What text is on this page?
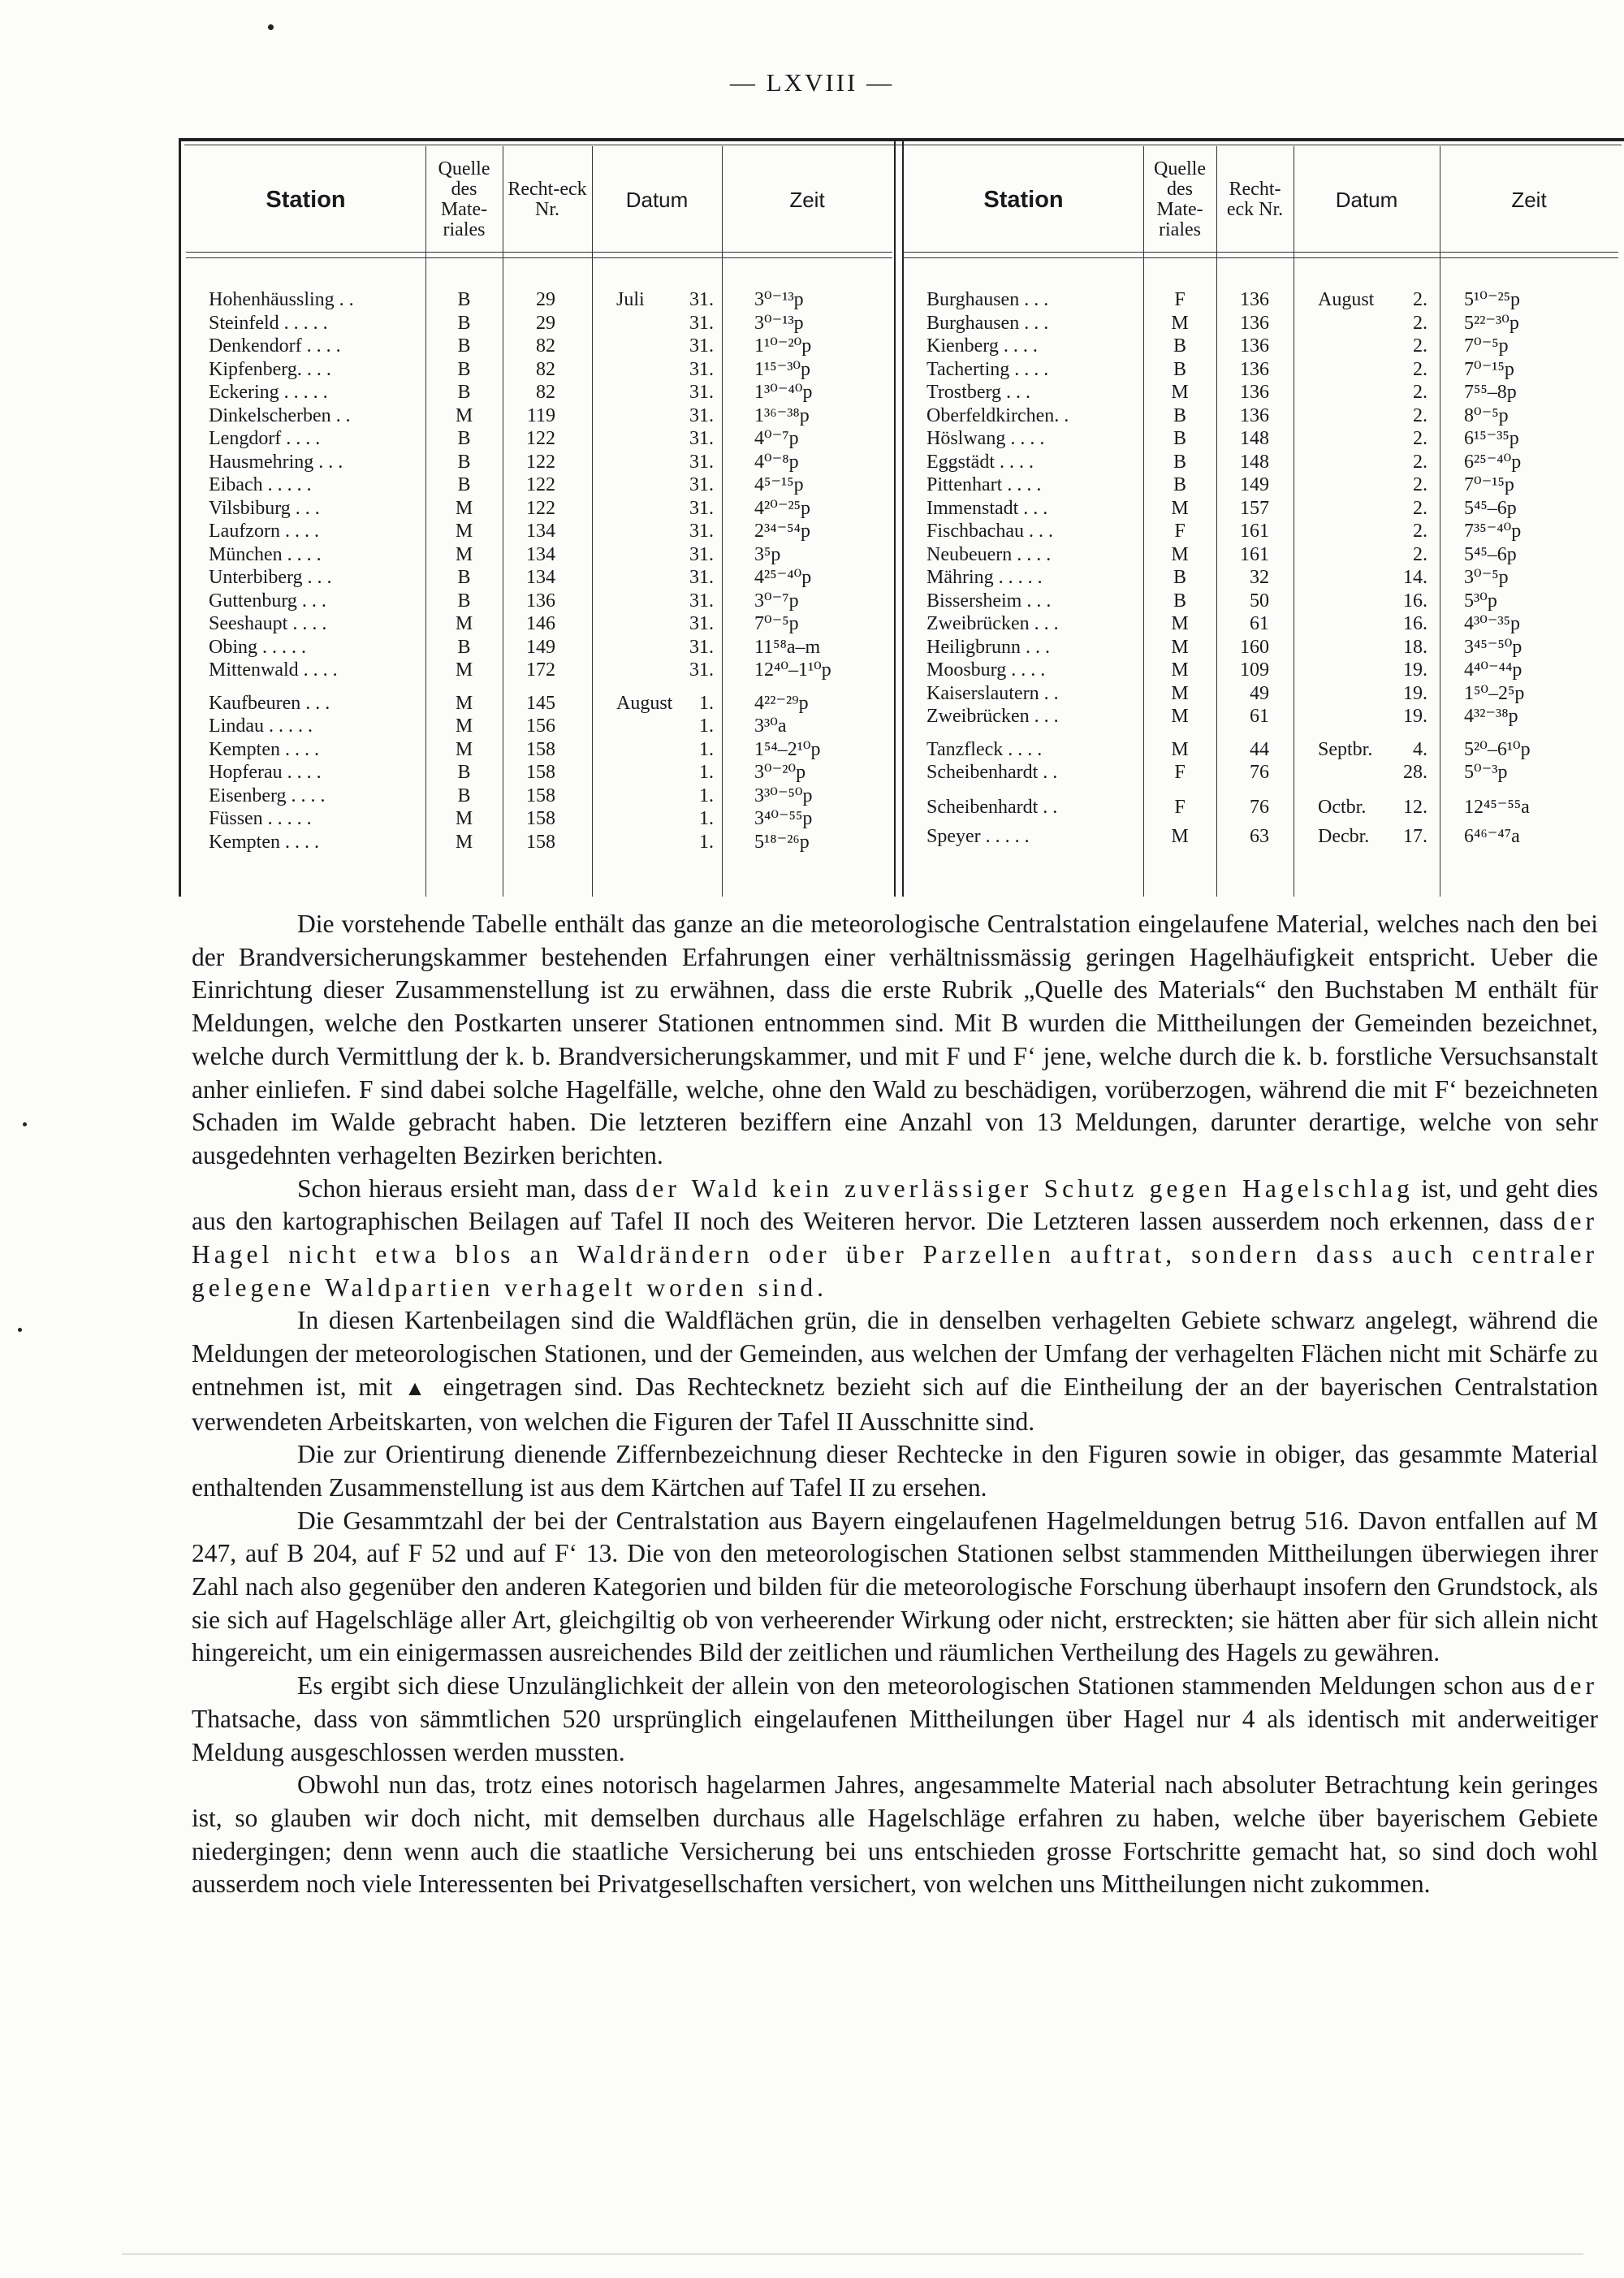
— LXVIII —
Station
Quelle des Mate-riales
Recht-eck Nr.	Datum	Zeit
Hohenhäussling . .	B	29	Juli	31. 3⁰⁻¹³p
Steinfeld . . . . .	B	29	31. 3⁰⁻¹³p
Denkendorf . . . .	B	82	31. 1¹⁰⁻²⁰p
Kipfenberg. . . .	B	82	31. 1¹⁵⁻³⁰p
Eckering . . . . .	B	82	31. 1³⁰⁻⁴⁰p
Dinkelscherben . .	M	119	31. 1³⁶⁻³⁸p
Lengdorf . . . .	B	122	31. 4⁰⁻⁷p
Hausmehring . . .	B	122	31. 4⁰⁻⁸p
Eibach . . . . .	B	122	31. 4⁵⁻¹⁵p
Vilsbiburg . . .	M	122	31. 4²⁰⁻²⁵p
Laufzorn . . . .	M	134	31. 2³⁴⁻⁵⁴p
München . . . .	M	134	31. 3⁵p
Unterbiberg . . .	B	134	31. 4²⁵⁻⁴⁰p
Guttenburg . . .	B	136	31. 3⁰⁻⁷p
Seeshaupt . . . .	M	146	31. 7⁰⁻⁵p
Obing . . . . .	B	149	31. 11⁵⁸a–m
Mittenwald . . . .	M	172	31. 12⁴⁰–1¹⁰p
Kaufbeuren . . .	M	145	August	1. 4²²⁻²⁹p
Lindau . . . . .	M	156	1. 3³⁰a
Kempten . . . .	M	158	1. 1⁵⁴–2¹⁰p
Hopferau . . . .	B	158	1. 3⁰⁻²⁰p
Eisenberg . . . .	B	158	1. 3³⁰⁻⁵⁰p
Füssen . . . . .	M	158	1. 3⁴⁰⁻⁵⁵p
Kempten . . . .	M	158	1. 5¹⁸⁻²⁶p
Station
Quelle des Mate-riales
Recht-eck Nr.	Datum	Zeit
Burghausen . . .	F	136	August	2. 5¹⁰⁻²⁵p
Burghausen . . .	M	136	2. 5²²⁻³⁰p
Kienberg . . . .	B	136	2. 7⁰⁻⁵p
Tacherting . . . .	B	136	2. 7⁰⁻¹⁵p
Trostberg . . .	M	136	2. 7⁵⁵–8p
Oberfeldkirchen. .	B	136	2. 8⁰⁻⁵p
Höslwang . . . .	B	148	2. 6¹⁵⁻³⁵p
Eggstädt . . . .	B	148	2. 6²⁵⁻⁴⁰p
Pittenhart . . . .	B	149	2. 7⁰⁻¹⁵p
Immenstadt . . .	M	157	2. 5⁴⁵–6p
Fischbachau . . .	F	161	2. 7³⁵⁻⁴⁰p
Neubeuern . . . .	M	161	2. 5⁴⁵–6p
Mähring . . . . .	B	32	14. 3⁰⁻⁵p
Bissersheim . . .	B	50	16. 5³⁰p
Zweibrücken . . .	M	61	16. 4³⁰⁻³⁵p
Heiligbrunn . . .	M	160	18. 3⁴⁵⁻⁵⁰p
Moosburg . . . .	M	109	19. 4⁴⁰⁻⁴⁴p
Kaiserslautern . .	M	49	19. 1⁵⁰–2⁵p
Zweibrücken . . .	M	61	19. 4³²⁻³⁸p
Tanzfleck . . . .	M	44	Septbr.	4. 5²⁰–6¹⁰p
Scheibenhardt . .	F	76	28. 5⁰⁻³p
Scheibenhardt . .	F	76	Octbr.	12. 12⁴⁵⁻⁵⁵a
Speyer . . . . .	M	63	Decbr.	17. 6⁴⁶⁻⁴⁷a

Die vorstehende Tabelle enthält das ganze an die meteorologische Centralstation eingelaufene Material, welches nach den bei der Brandversicherungskammer bestehenden Erfahrungen einer verhältnissmässig geringen Hagelhäufigkeit entspricht. Ueber die Einrichtung dieser Zusammenstellung ist zu erwähnen, dass die erste Rubrik „Quelle des Materials“ den Buchstaben M enthält für Meldungen, welche den Postkarten unserer Stationen entnommen sind. Mit B wurden die Mittheilungen der Gemeinden bezeichnet, welche durch Vermittlung der k. b. Brandversicherungskammer, und mit F und F‘ jene, welche durch die k. b. forstliche Versuchsanstalt anher einliefen. F sind dabei solche Hagelfälle, welche, ohne den Wald zu beschädigen, vorüberzogen, während die mit F‘ bezeichneten Schaden im Walde gebracht haben. Die letzteren beziffern eine Anzahl von 13 Meldungen, darunter derartige, welche von sehr ausgedehnten verhagelten Bezirken berichten.

Schon hieraus ersieht man, dass der Wald kein zuverlässiger Schutz gegen Hagelschlag ist, und geht dies aus den kartographischen Beilagen auf Tafel II noch des Weiteren hervor. Die Letzteren lassen ausserdem noch erkennen, dass der Hagel nicht etwa blos an Waldrändern oder über Parzellen auftrat, sondern dass auch centraler gelegene Waldpartien verhagelt worden sind.

In diesen Kartenbeilagen sind die Waldflächen grün, die in denselben verhagelten Gebiete schwarz angelegt, während die Meldungen der meteorologischen Stationen, und der Gemeinden, aus welchen der Umfang der verhagelten Flächen nicht mit Schärfe zu entnehmen ist, mit ▲ eingetragen sind. Das Rechtecknetz bezieht sich auf die Eintheilung der an der bayerischen Centralstation verwendeten Arbeitskarten, von welchen die Figuren der Tafel II Ausschnitte sind.

Die zur Orientirung dienende Ziffernbezeichnung dieser Rechtecke in den Figuren sowie in obiger, das gesammte Material enthaltenden Zusammenstellung ist aus dem Kärtchen auf Tafel II zu ersehen.

Die Gesammtzahl der bei der Centralstation aus Bayern eingelaufenen Hagelmeldungen betrug 516. Davon entfallen auf M 247, auf B 204, auf F 52 und auf F‘ 13. Die von den meteorologischen Stationen selbst stammenden Mittheilungen überwiegen ihrer Zahl nach also gegenüber den anderen Kategorien und bilden für die meteorologische Forschung überhaupt insofern den Grundstock, als sie sich auf Hagelschläge aller Art, gleichgiltig ob von verheerender Wirkung oder nicht, erstreckten; sie hätten aber für sich allein nicht hingereicht, um ein einigermassen ausreichendes Bild der zeitlichen und räumlichen Vertheilung des Hagels zu gewähren.

Es ergibt sich diese Unzulänglichkeit der allein von den meteorologischen Stationen stammenden Meldungen schon aus der Thatsache, dass von sämmtlichen 520 ursprünglich eingelaufenen Mittheilungen über Hagel nur 4 als identisch mit anderweitiger Meldung ausgeschlossen werden mussten.

Obwohl nun das, trotz eines notorisch hagelarmen Jahres, angesammelte Material nach absoluter Betrachtung kein geringes ist, so glauben wir doch nicht, mit demselben durchaus alle Hagelschläge erfahren zu haben, welche über bayerischem Gebiete niedergingen; denn wenn auch die staatliche Versicherung bei uns entschieden grosse Fortschritte gemacht hat, so sind doch wohl ausserdem noch viele Interessenten bei Privatgesellschaften versichert, von welchen uns Mittheilungen nicht zukommen.
